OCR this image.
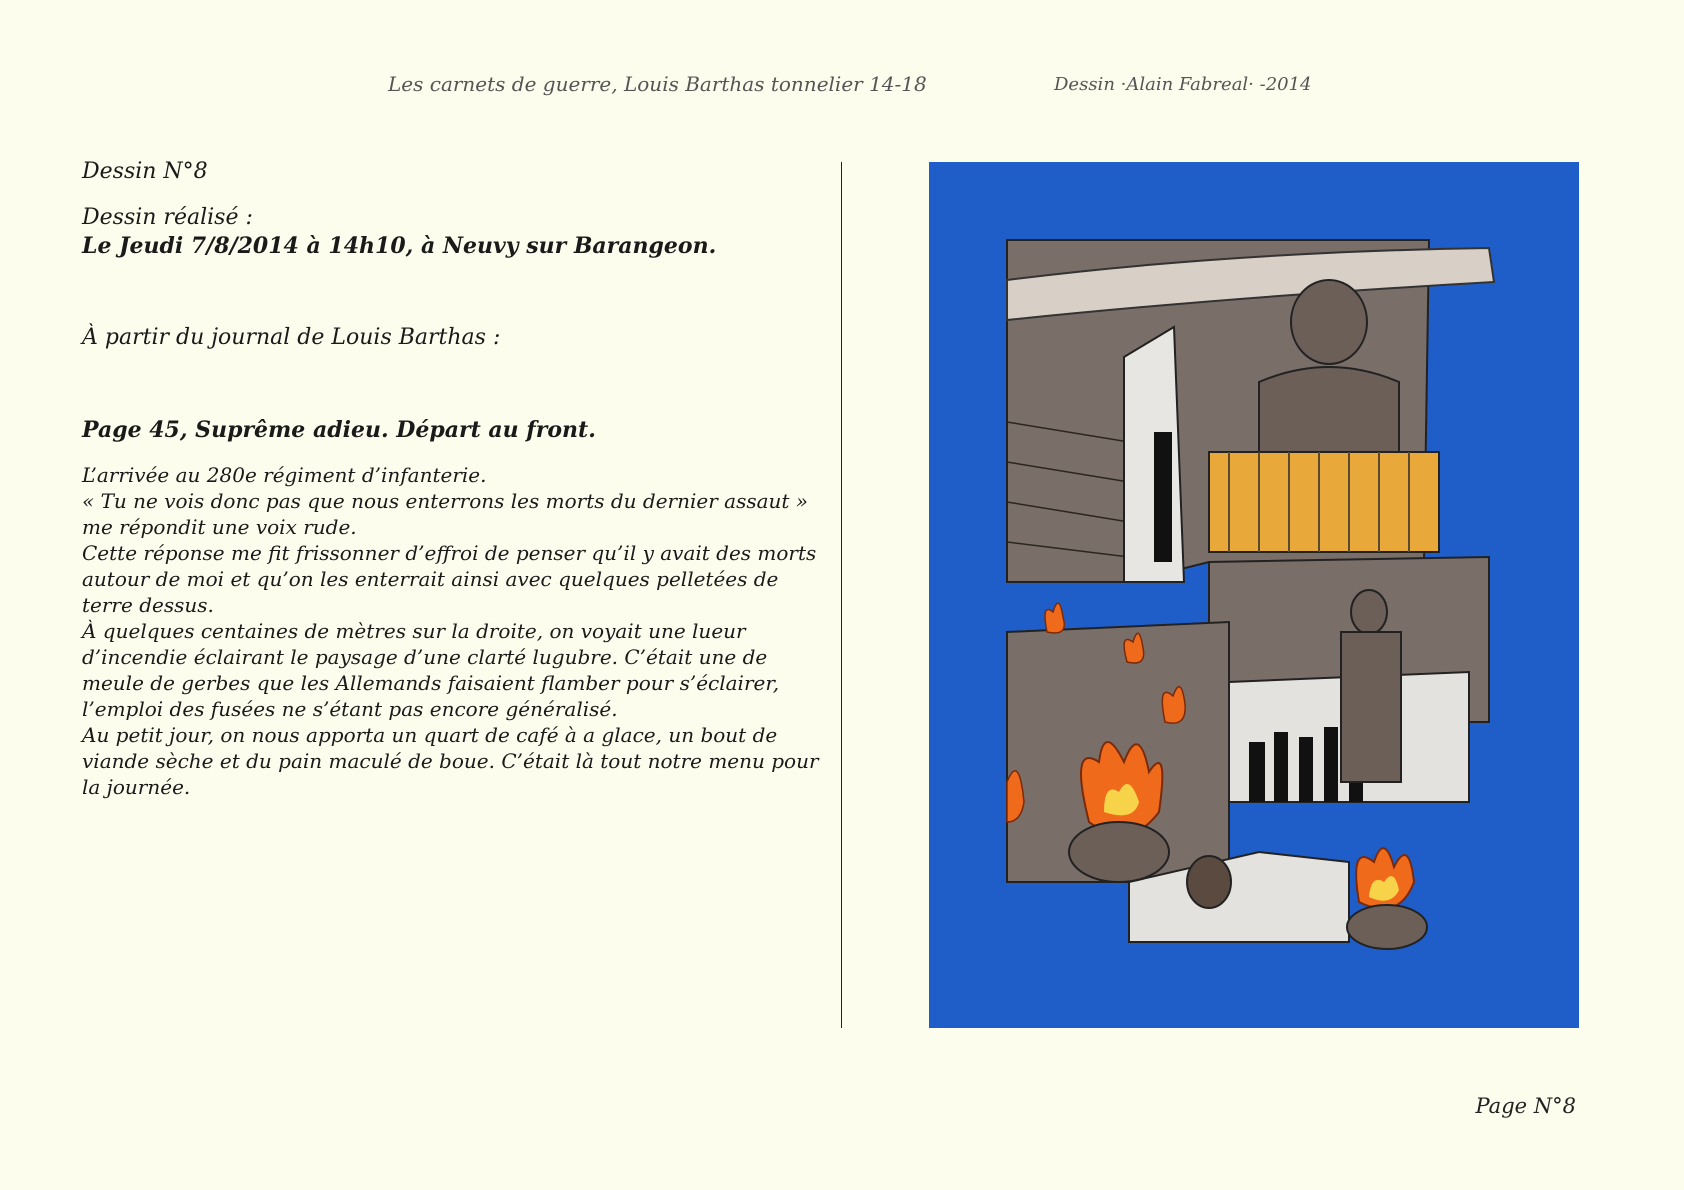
Les carnets de guerre, Louis Barthas tonnelier 14-18	Dessin ·Alain Fabreal· -2014
Dessin N°8
Dessin réalisé :
Le Jeudi 7/8/2014 à 14h10, à Neuvy sur Barangeon.
À partir du journal de Louis Barthas :
Page 45, Suprême adieu. Départ au front.

L’arrivée au 280e régiment d’infanterie.

« Tu ne vois donc pas que nous enterrons les morts du dernier assaut » me répondit une voix rude.

Cette réponse me fit frissonner d’effroi de penser qu’il y avait des morts autour de moi et qu’on les enterrait ainsi avec quelques pelletées de terre dessus.

À quelques centaines de mètres sur la droite, on voyait une lueur d’incendie éclairant le paysage d’une clarté lugubre. C’était une de meule de gerbes que les Allemands faisaient flamber pour s’éclairer, l’emploi des fusées ne s’étant pas encore généralisé.

Au petit jour, on nous apporta un quart de café à a glace, un bout de viande sèche et du pain maculé de boue. C’était là tout notre menu pour la journée.

Page N°8
